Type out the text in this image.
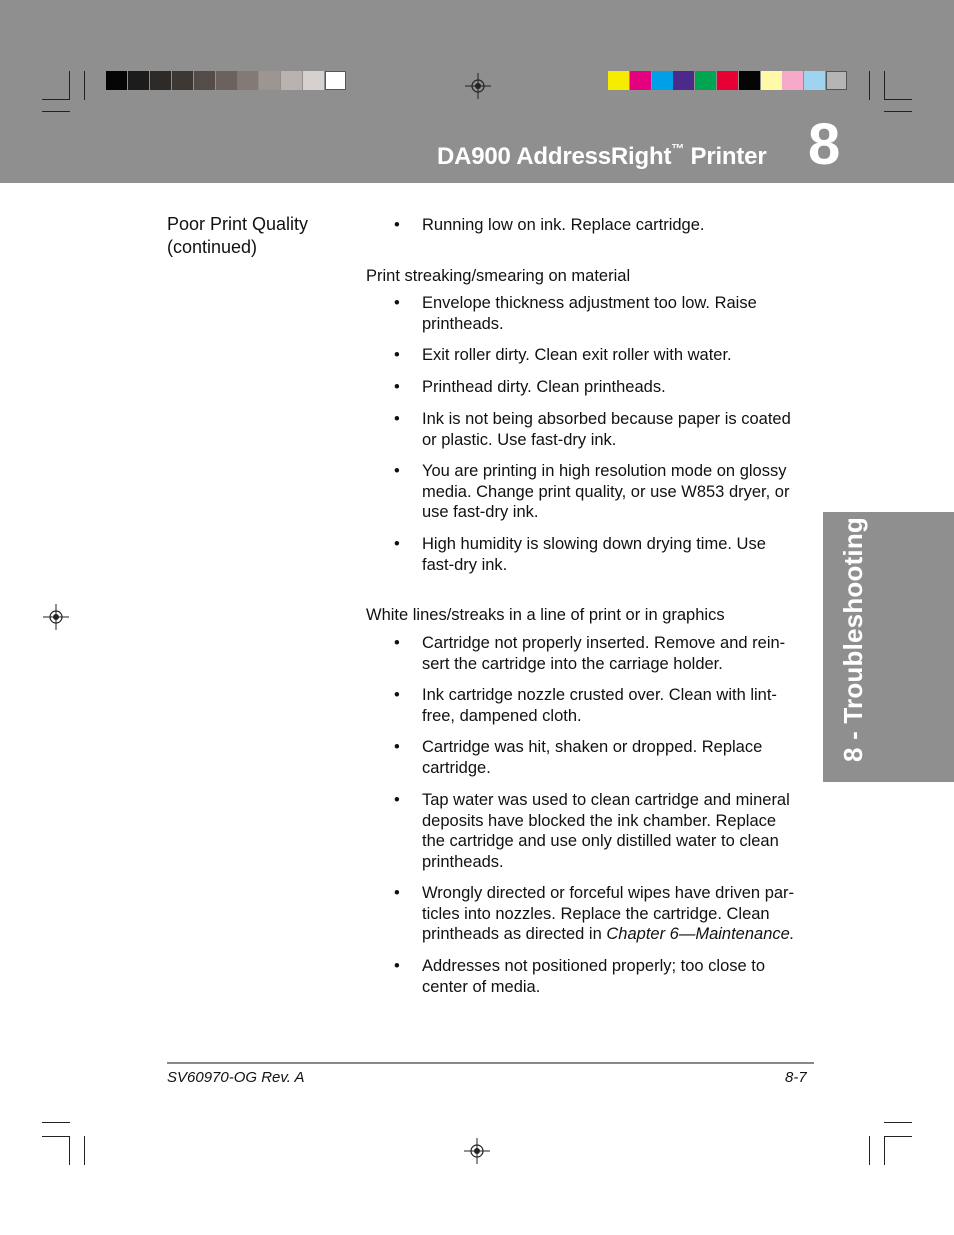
DA900 AddressRight™ Printer 8
8 - Troubleshooting
Poor Print Quality
(continued)
• Running low on ink. Replace cartridge.
Print streaking/smearing on material
• Envelope thickness adjustment too low. Raise
printheads.
• Exit roller dirty. Clean exit roller with water.
• Printhead dirty. Clean printheads.
• Ink is not being absorbed because paper is coated
or plastic. Use fast-dry ink.
• You are printing in high resolution mode on glossy
media. Change print quality, or use W853 dryer, or
use fast-dry ink.
• High humidity is slowing down drying time. Use
fast-dry ink.
White lines/streaks in a line of print or in graphics
• Cartridge not properly inserted. Remove and rein-
sert the cartridge into the carriage holder.
• Ink cartridge nozzle crusted over. Clean with lint-
free, dampened cloth.
• Cartridge was hit, shaken or dropped. Replace
cartridge.
• Tap water was used to clean cartridge and mineral
deposits have blocked the ink chamber. Replace
the cartridge and use only distilled water to clean
printheads.
• Wrongly directed or forceful wipes have driven par-
ticles into nozzles. Replace the cartridge. Clean
printheads as directed in Chapter 6—Maintenance.
• Addresses not positioned properly; too close to
center of media.
SV60970-OG Rev. A	8-7
